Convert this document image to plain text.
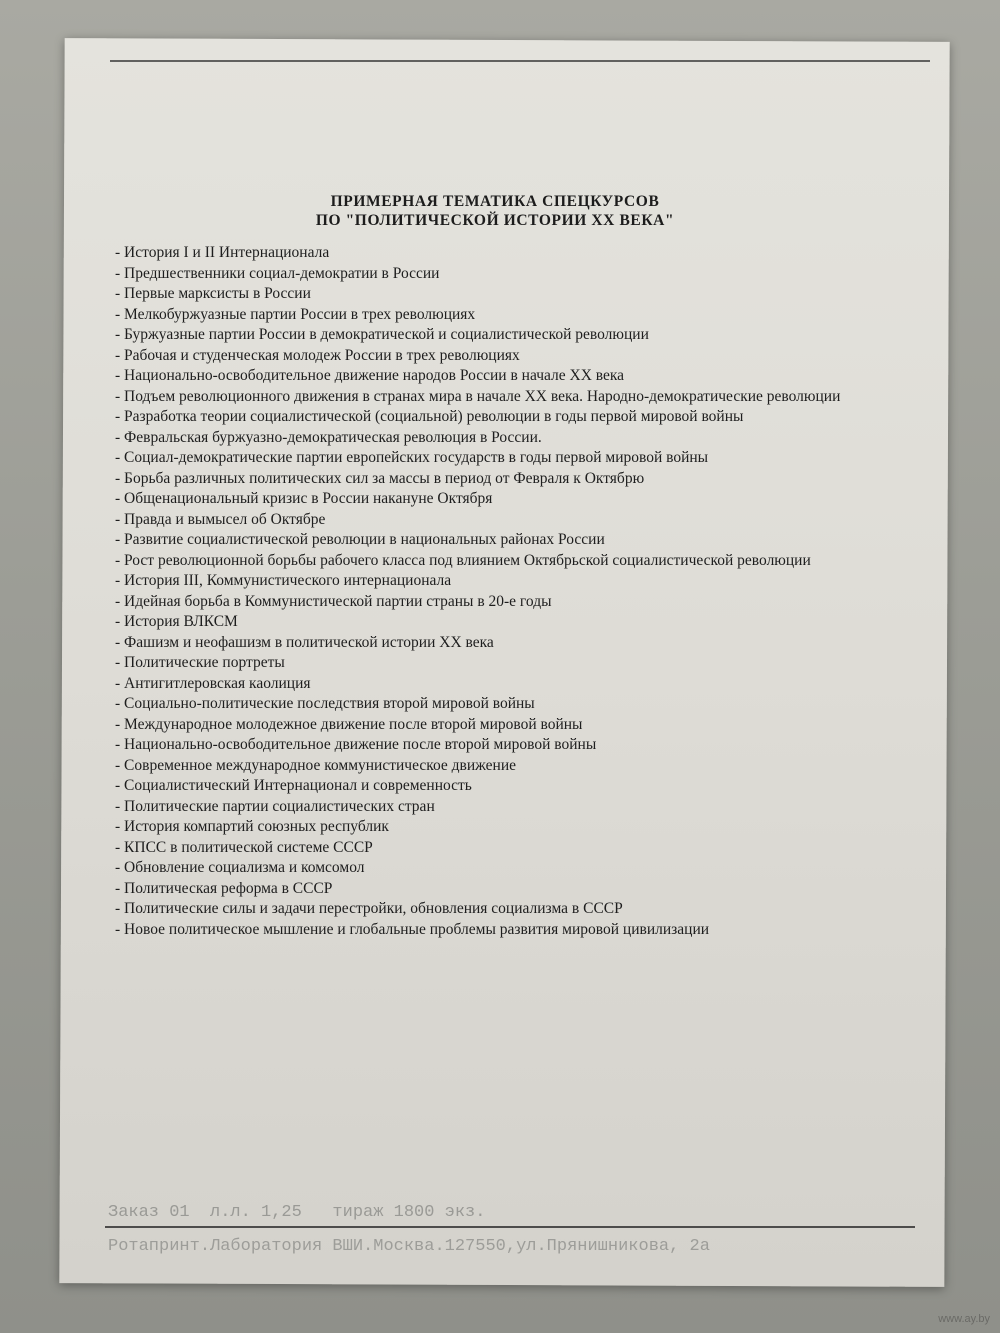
ПРИМЕРНАЯ ТЕМАТИКА СПЕЦКУРСОВ
ПО "ПОЛИТИЧЕСКОЙ ИСТОРИИ XX ВЕКА"
- История I и II Интернационала
- Предшественники социал-демократии в России
- Первые марксисты в России
- Мелкобуржуазные партии России в трех революциях
- Буржуазные партии России в демократической и социалистической революции
- Рабочая и студенческая молодеж России в трех революциях
- Национально-освободительное движение народов России в начале XX века
- Подъем революционного движения в странах мира в начале XX века. Народно-демократические революции
- Разработка теории социалистической (социальной) революции в годы первой мировой войны
- Февральская буржуазно-демократическая революция в России.
- Социал-демократические партии европейских государств в годы первой мировой войны
- Борьба различных политических сил за массы в период от Февраля к Октябрю
- Общенациональный кризис в России накануне Октября
- Правда и вымысел об Октябре
- Развитие социалистической революции в национальных районах России
- Рост революционной борьбы рабочего класса под влиянием Октябрьской социалистической революции
- История III, Коммунистического интернационала
- Идейная борьба в Коммунистической партии страны в 20-е годы
- История ВЛКСМ
- Фашизм и неофашизм в политической истории XX века
- Политические портреты
- Антигитлеровская каолиция
- Социально-политические последствия второй мировой войны
- Международное молодежное движение после второй мировой войны
- Национально-освободительное движение после второй мировой войны
- Современное международное коммунистическое движение
- Социалистический Интернационал и современность
- Политические партии социалистических стран
- История компартий союзных республик
- КПСС в политической системе СССР
- Обновление социализма и комсомол
- Политическая реформа в СССР
- Политические силы и задачи перестройки, обновления социализма в СССР
- Новое политическое мышление и глобальные проблемы развития мировой цивилизации
Заказ 01  л.л. 1,25   тираж 1800 экз.
Ротапринт.Лаборатория ВШИ.Москва.127550,ул.Прянишникова, 2а
www.ay.by
